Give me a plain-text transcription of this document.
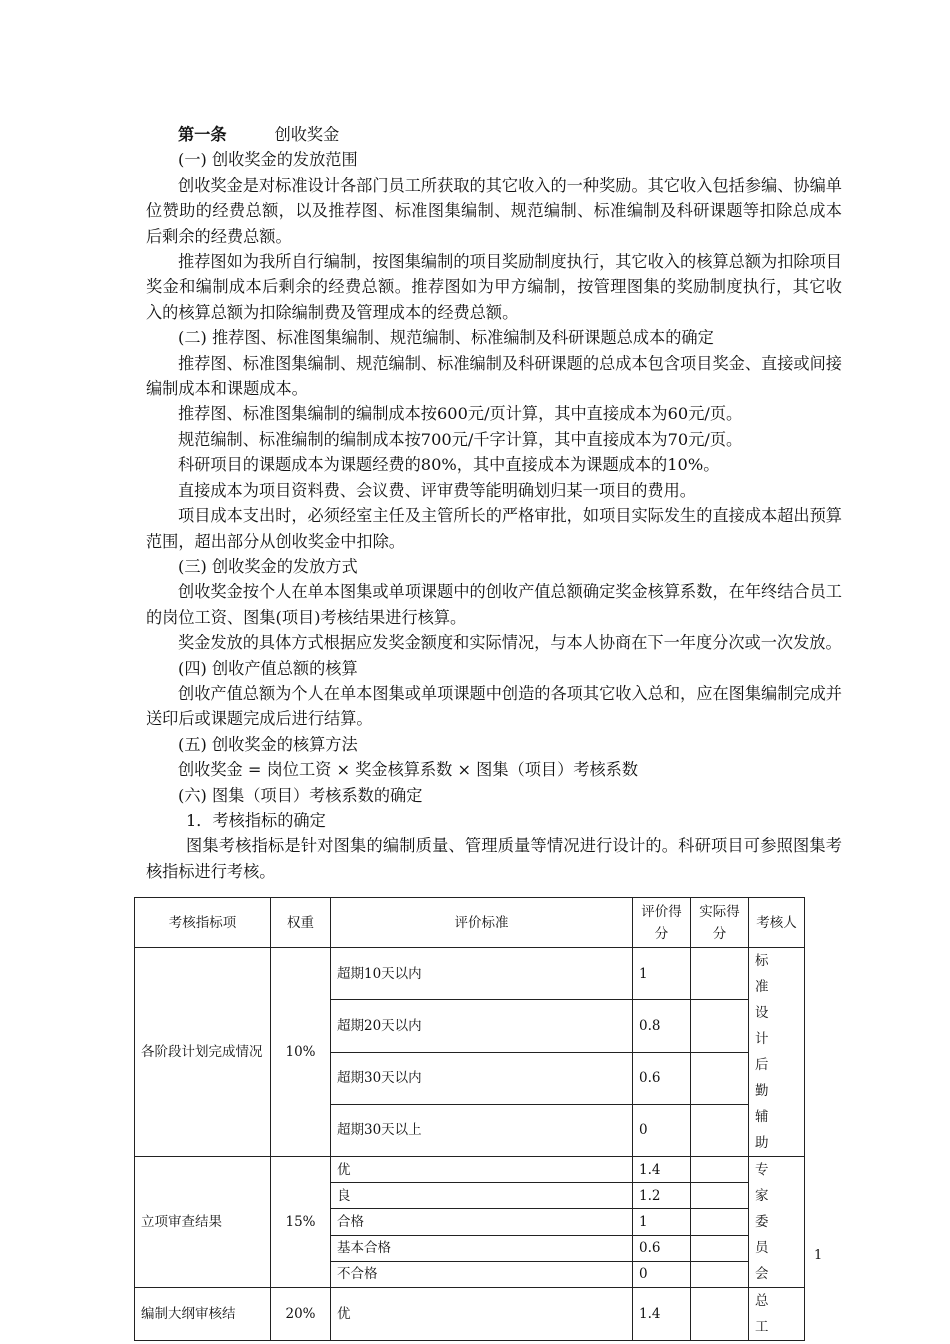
第一条	创收奖金

(一) 创收奖金的发放范围

创收奖金是对标准设计各部门员工所获取的其它收入的一种奖励。其它收入包括参编、协编单位赞助的经费总额，以及推荐图、标准图集编制、规范编制、标准编制及科研课题等扣除总成本后剩余的经费总额。

推荐图如为我所自行编制，按图集编制的项目奖励制度执行，其它收入的核算总额为扣除项目奖金和编制成本后剩余的经费总额。推荐图如为甲方编制，按管理图集的奖励制度执行，其它收入的核算总额为扣除编制费及管理成本的经费总额。

(二) 推荐图、标准图集编制、规范编制、标准编制及科研课题总成本的确定

推荐图、标准图集编制、规范编制、标准编制及科研课题的总成本包含项目奖金、直接或间接编制成本和课题成本。

推荐图、标准图集编制的编制成本按600元/页计算，其中直接成本为60元/页。

规范编制、标准编制的编制成本按700元/千字计算，其中直接成本为70元/页。

科研项目的课题成本为课题经费的80%，其中直接成本为课题成本的10%。

直接成本为项目资料费、会议费、评审费等能明确划归某一项目的费用。

项目成本支出时，必须经室主任及主管所长的严格审批，如项目实际发生的直接成本超出预算范围，超出部分从创收奖金中扣除。

(三) 创收奖金的发放方式

创收奖金按个人在单本图集或单项课题中的创收产值总额确定奖金核算系数，在年终结合员工的岗位工资、图集(项目)考核结果进行核算。

奖金发放的具体方式根据应发奖金额度和实际情况，与本人协商在下一年度分次或一次发放。

(四) 创收产值总额的核算

创收产值总额为个人在单本图集或单项课题中创造的各项其它收入总和，应在图集编制完成并送印后或课题完成后进行结算。

(五) 创收奖金的核算方法

创收奖金 = 岗位工资 × 奖金核算系数 × 图集（项目）考核系数

(六) 图集（项目）考核系数的确定

1．考核指标的确定

图集考核指标是针对图集的编制质量、管理质量等情况进行设计的。科研项目可参照图集考核指标进行考核。

考核指标项	权重	评价标准	评价得分	实际得分	考核人
各阶段计划完成情况	10%	超期10天以内	1		标准设计后勤辅助
		超期20天以内	0.8		
		超期30天以内	0.6		
		超期30天以上	0		
立项审查结果	15%	优	1.4		专家委员会
		良	1.2		
		合格	1		
		基本合格	0.6		
		不合格	0		
编制大纲审核结	20%	优	1.4		总工
1
